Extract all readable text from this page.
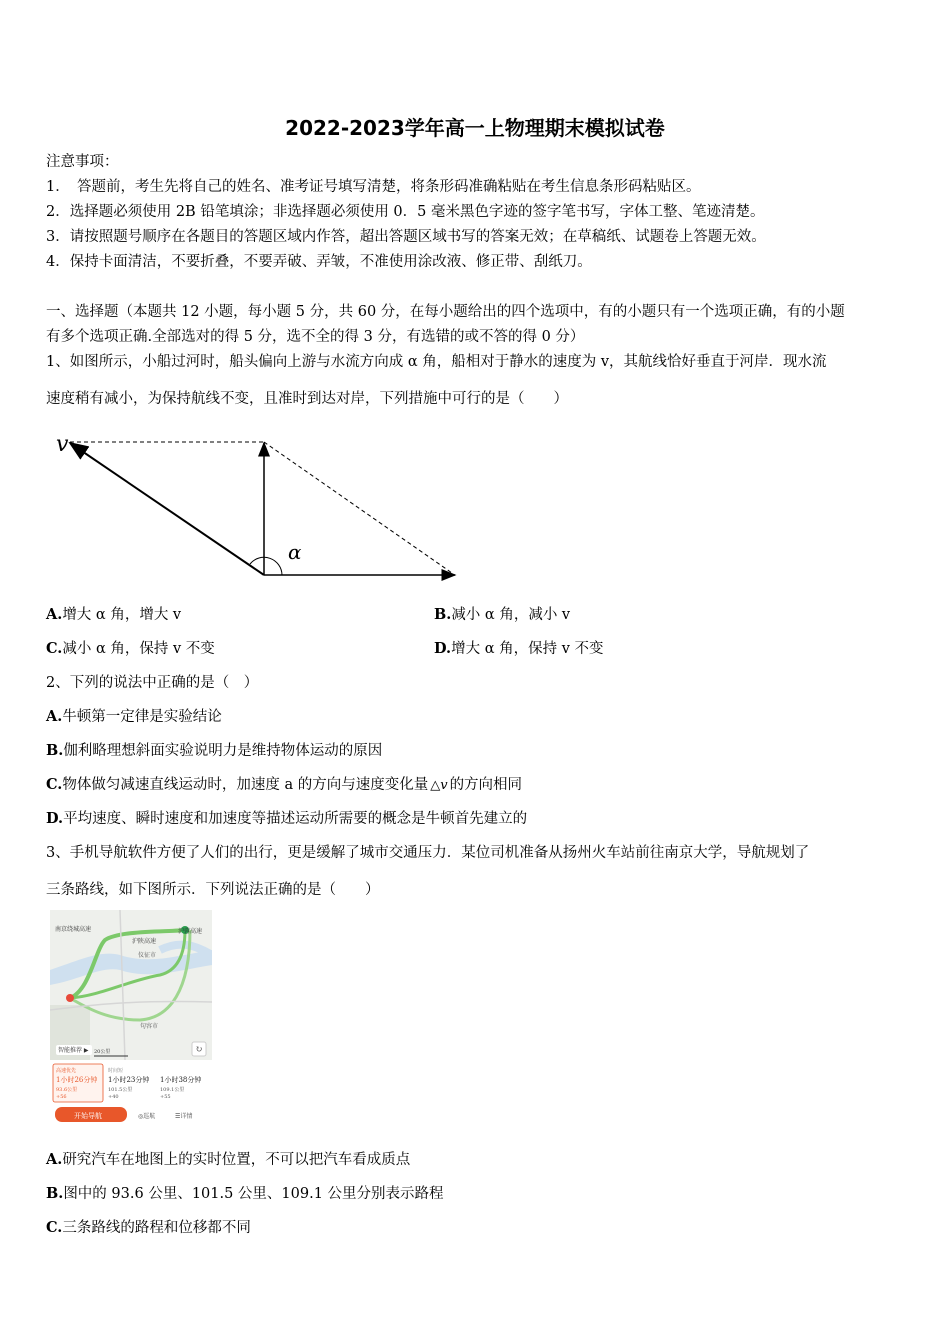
2022-2023学年高一上物理期末模拟试卷
注意事项：
1．　答题前，考生先将自己的姓名、准考证号填写清楚，将条形码准确粘贴在考生信息条形码粘贴区。
2．选择题必须使用 2B 铅笔填涂；非选择题必须使用 0．5 毫米黑色字迹的签字笔书写，字体工整、笔迹清楚。
3．请按照题号顺序在各题目的答题区域内作答，超出答题区域书写的答案无效；在草稿纸、试题卷上答题无效。
4．保持卡面清洁，不要折叠，不要弄破、弄皱，不准使用涂改液、修正带、刮纸刀。
一、选择题（本题共 12 小题，每小题 5 分，共 60 分，在每小题给出的四个选项中，有的小题只有一个选项正确，有的小题
有多个选项正确.全部选对的得 5 分，选不全的得 3 分，有选错的或不答的得 0 分）
1、如图所示，小船过河时，船头偏向上游与水流方向成 α 角，船相对于静水的速度为 v，其航线恰好垂直于河岸．现水流
速度稍有减小，为保持航线不变，且准时到达对岸，下列措施中可行的是（　　）
v
α
A.增大 α 角，增大 v	B.减小 α 角，减小 v
C.减小 α 角，保持 v 不变	D.增大 α 角，保持 v 不变
2、下列的说法中正确的是（　）
A.牛顿第一定律是实验结论
B.伽利略理想斜面实验说明力是维持物体运动的原因
C.物体做匀减速直线运动时，加速度 a 的方向与速度变化量 △v 的方向相同
D.平均速度、瞬时速度和加速度等描述运动所需要的概念是牛顿首先建立的
3、手机导航软件方便了人们的出行，更是缓解了城市交通压力．某位司机准备从扬州火车站前往南京大学，导航规划了
三条路线，如下图所示．下列说法正确的是（　　）
南京绕城高速
沪陕高速
沪蓉高速
仪征市
句容市
智能推荐 ▶ 20公里	↻
高速优先
1小时26分钟
93.6公里
+56
时间短
1小时23分钟
101.5公里
+40
1小时38分钟
109.1公里
+55
开始导航	◎巡航	☰详情
A.研究汽车在地图上的实时位置，不可以把汽车看成质点
B.图中的 93.6 公里、101.5 公里、109.1 公里分别表示路程
C.三条路线的路程和位移都不同
